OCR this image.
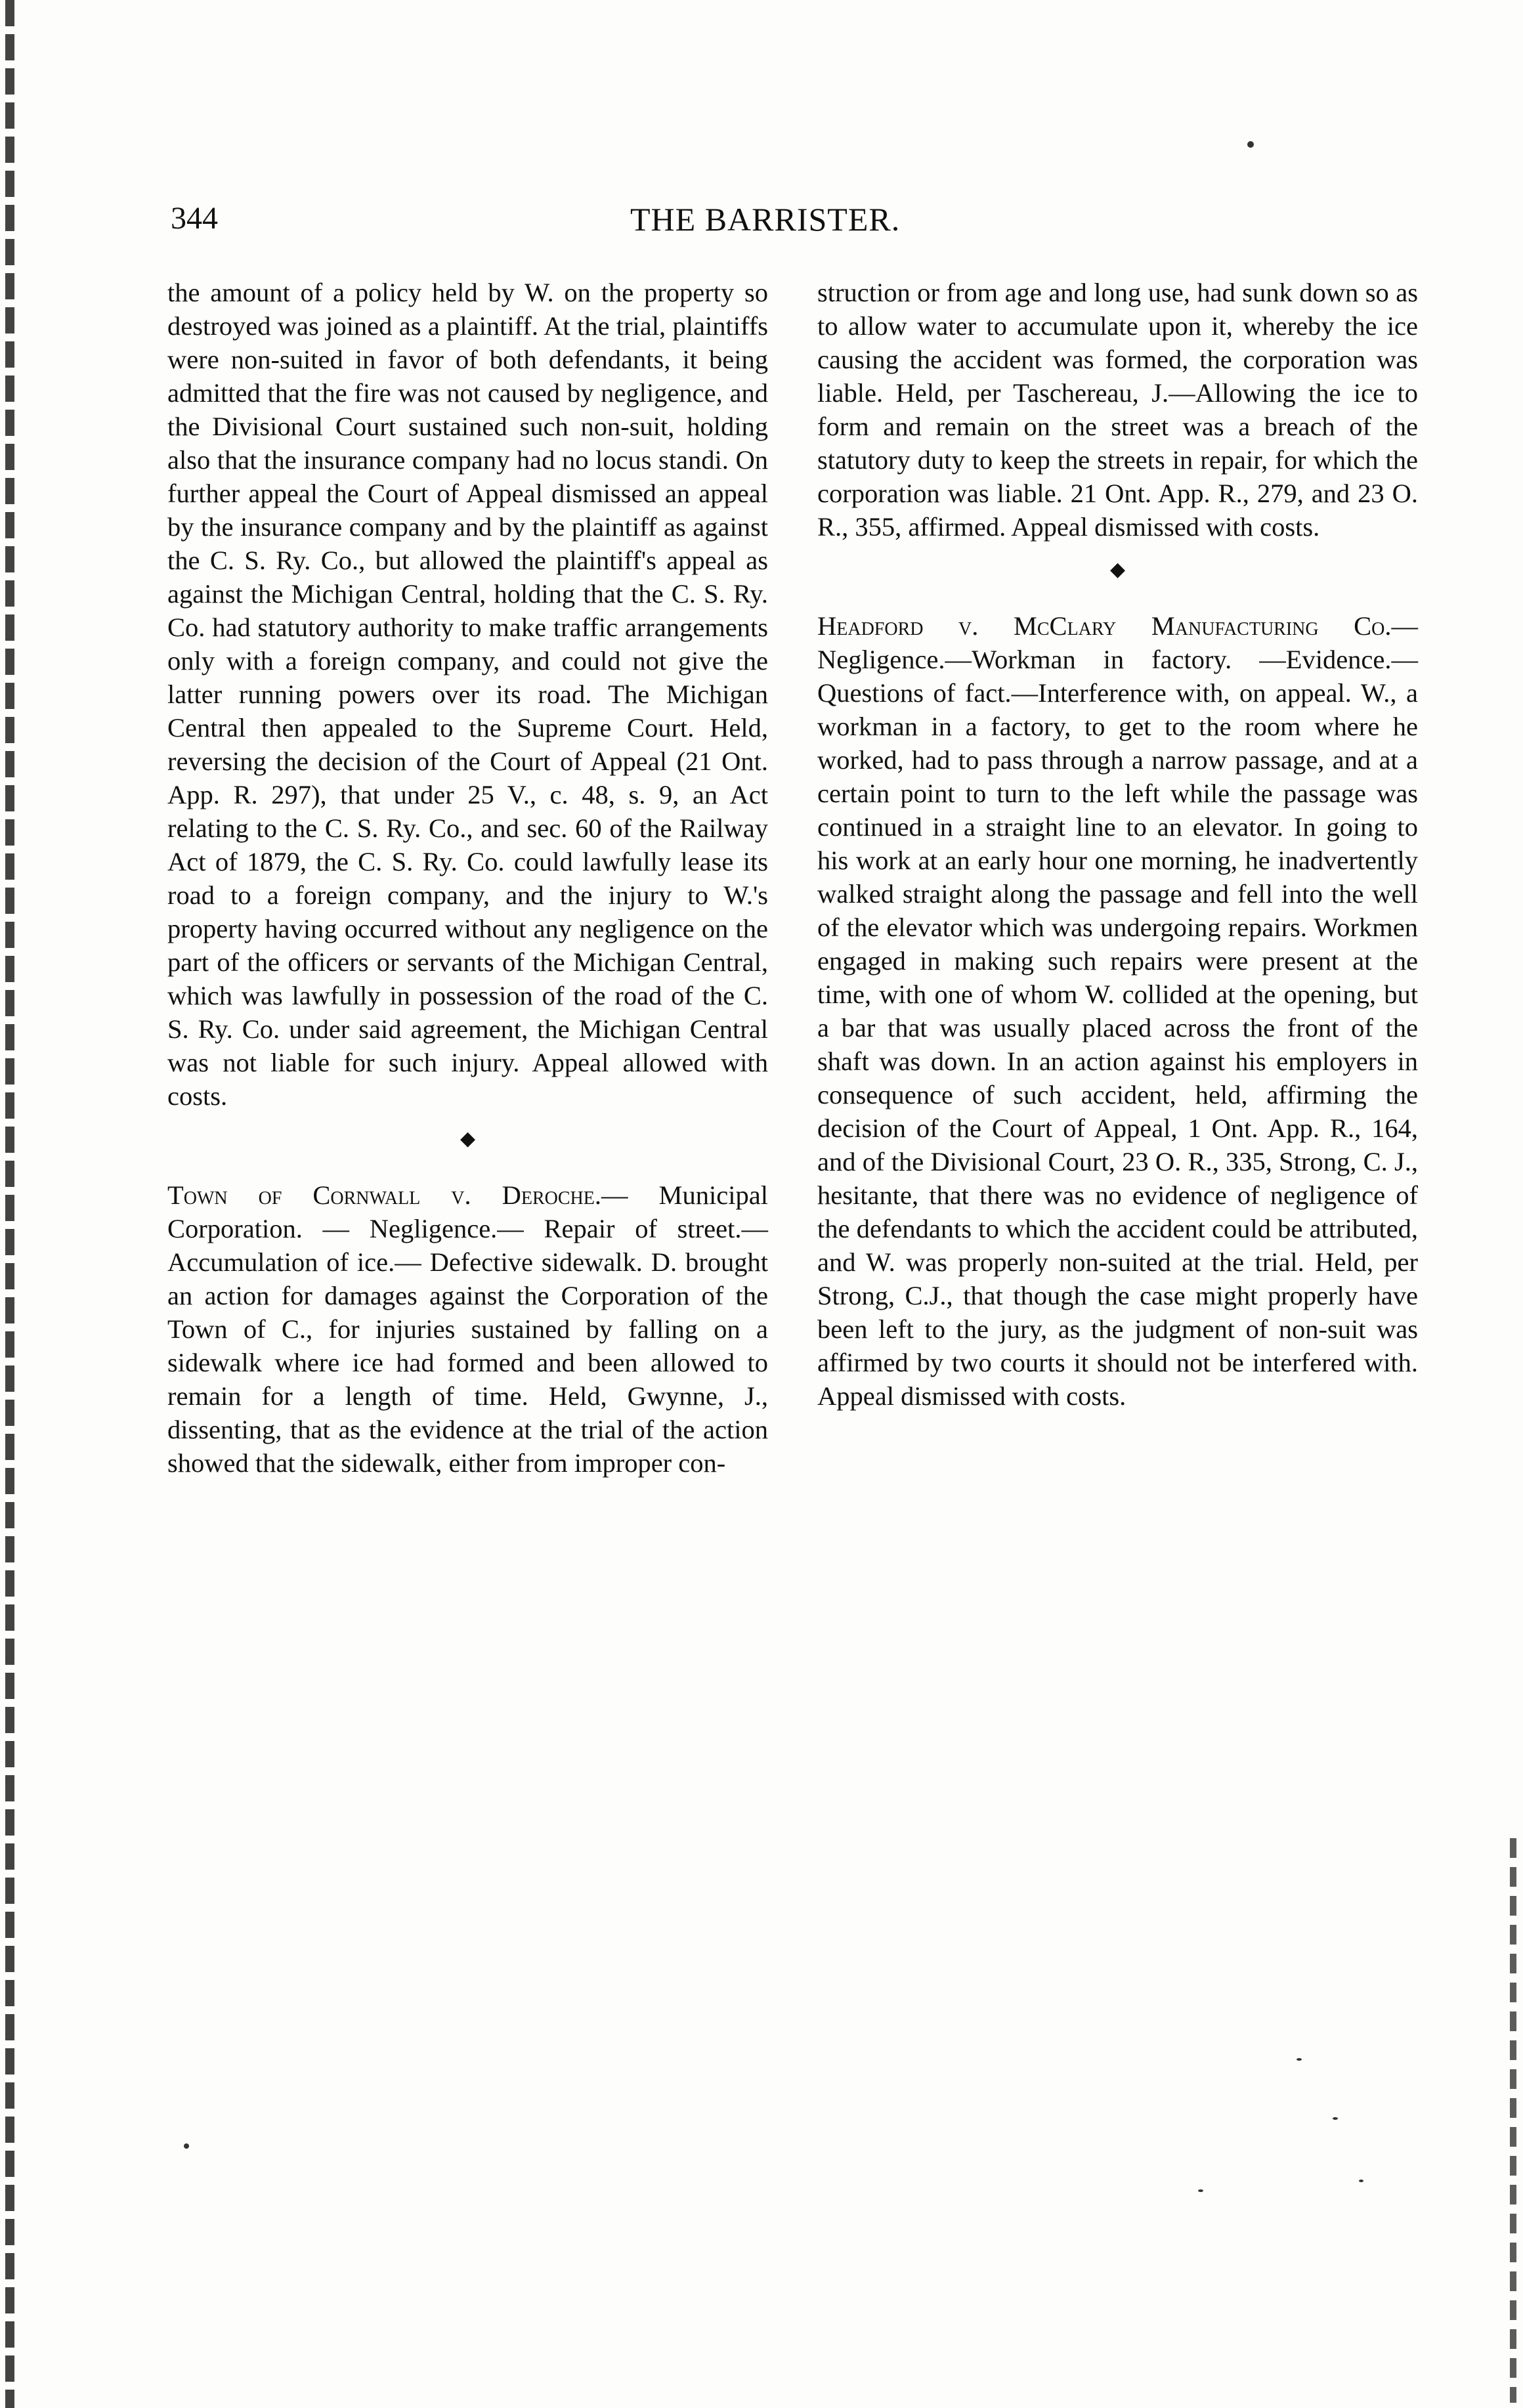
344	THE BARRISTER.

the amount of a policy held by W. on the property so destroyed was joined as a plaintiff. At the trial, plaintiffs were non-suited in favor of both defendants, it being admitted that the fire was not caused by negligence, and the Divisional Court sustained such non-suit, holding also that the insurance company had no locus standi. On further appeal the Court of Appeal dismissed an appeal by the insurance company and by the plaintiff as against the C. S. Ry. Co., but allowed the plaintiff's appeal as against the Michigan Central, holding that the C. S. Ry. Co. had statutory authority to make traffic arrangements only with a foreign company, and could not give the latter running powers over its road. The Michigan Central then appealed to the Supreme Court. Held, reversing the decision of the Court of Appeal (21 Ont. App. R. 297), that under 25 V., c. 48, s. 9, an Act relating to the C. S. Ry. Co., and sec. 60 of the Railway Act of 1879, the C. S. Ry. Co. could lawfully lease its road to a foreign company, and the injury to W.'s property having occurred without any negligence on the part of the officers or servants of the Michigan Central, which was lawfully in possession of the road of the C. S. Ry. Co. under said agreement, the Michigan Central was not liable for such injury. Appeal allowed with costs.

◆

Town of Cornwall v. Deroche.— Municipal Corporation. — Negligence.— Repair of street.—Accumulation of ice.— Defective sidewalk. D. brought an action for damages against the Corporation of the Town of C., for injuries sustained by falling on a sidewalk where ice had formed and been allowed to remain for a length of time. Held, Gwynne, J., dissenting, that as the evidence at the trial of the action showed that the sidewalk, either from improper con-

struction or from age and long use, had sunk down so as to allow water to accumulate upon it, whereby the ice causing the accident was formed, the corporation was liable. Held, per Taschereau, J.—Allowing the ice to form and remain on the street was a breach of the statutory duty to keep the streets in repair, for which the corporation was liable. 21 Ont. App. R., 279, and 23 O. R., 355, affirmed. Appeal dismissed with costs.

◆

Headford v. McClary Manufacturing Co.—Negligence.—Workman in factory. —Evidence.—Questions of fact.—Interference with, on appeal. W., a workman in a factory, to get to the room where he worked, had to pass through a narrow passage, and at a certain point to turn to the left while the passage was continued in a straight line to an elevator. In going to his work at an early hour one morning, he inadvertently walked straight along the passage and fell into the well of the elevator which was undergoing repairs. Workmen engaged in making such repairs were present at the time, with one of whom W. collided at the opening, but a bar that was usually placed across the front of the shaft was down. In an action against his employers in consequence of such accident, held, affirming the decision of the Court of Appeal, 1 Ont. App. R., 164, and of the Divisional Court, 23 O. R., 335, Strong, C. J., hesitante, that there was no evidence of negligence of the defendants to which the accident could be attributed, and W. was properly non-suited at the trial. Held, per Strong, C.J., that though the case might properly have been left to the jury, as the judgment of non-suit was affirmed by two courts it should not be interfered with. Appeal dismissed with costs.
